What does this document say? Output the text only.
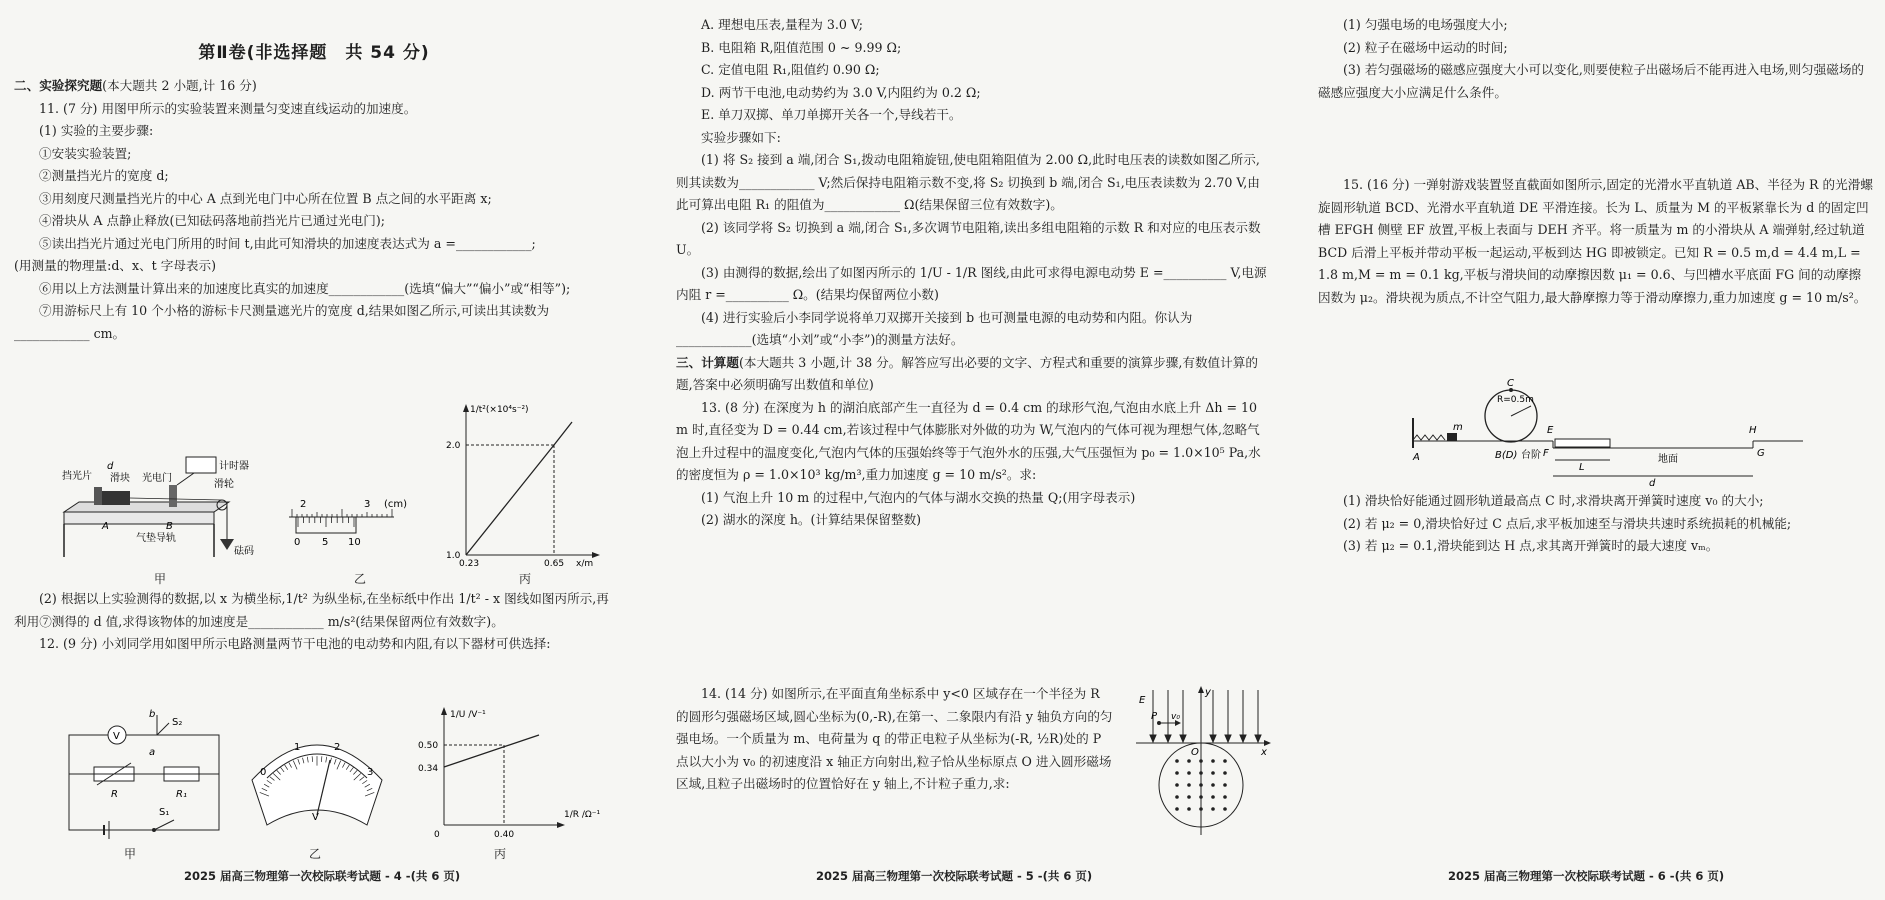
第Ⅱ卷(非选择题　共 54 分)

二、实验探究题(本大题共 2 小题,计 16 分)

11. (7 分) 用图甲所示的实验装置来测量匀变速直线运动的加速度。

(1) 实验的主要步骤:

①安装实验装置;

②测量挡光片的宽度 d;

③用刻度尺测量挡光片的中心 A 点到光电门中心所在位置 B 点之间的水平距离 x;

④滑块从 A 点静止释放(已知砝码落地前挡光片已通过光电门);

⑤读出挡光片通过光电门所用的时间 t,由此可知滑块的加速度表达式为 a =____________;

(用测量的物理量:d、x、t 字母表示)

⑥用以上方法测量计算出来的加速度比真实的加速度____________(选填“偏大”“偏小”或“相等”);

⑦用游标尺上有 10 个小格的游标卡尺测量遮光片的宽度 d,结果如图乙所示,可读出其读数为____________ cm。

挡光片
d
滑块 光电门
计时器
滑轮
A	B
气垫导轨
砝码
甲
2	3 (cm)
0 5 10
乙
1/t²(×10⁴s⁻²)
x/m
2.0
1.0
0.23	0.65
丙

(2) 根据以上实验测得的数据,以 x 为横坐标,1/t² 为纵坐标,在坐标纸中作出 1/t² - x 图线如图丙所示,再利用⑦测得的 d 值,求得该物体的加速度是____________ m/s²(结果保留两位有效数字)。

12. (9 分) 小刘同学用如图甲所示电路测量两节干电池的电动势和内阻,有以下器材可供选择:

V
b
a
S₂
R	R₁
S₁
甲
0
1	2
3
V
乙
1/U /V⁻¹
1/R /Ω⁻¹
0.50
0.34
0.40
0
丙
2025 届高三物理第一次校际联考试题 - 4 -(共 6 页)

A. 理想电压表,量程为 3.0 V;

B. 电阻箱 R,阻值范围 0 ~ 9.99 Ω;

C. 定值电阻 R₁,阻值约 0.90 Ω;

D. 两节干电池,电动势约为 3.0 V,内阻约为 0.2 Ω;

E. 单刀双掷、单刀单掷开关各一个,导线若干。

实验步骤如下:

(1) 将 S₂ 接到 a 端,闭合 S₁,拨动电阻箱旋钮,使电阻箱阻值为 2.00 Ω,此时电压表的读数如图乙所示,则其读数为____________ V;然后保持电阻箱示数不变,将 S₂ 切换到 b 端,闭合 S₁,电压表读数为 2.70 V,由此可算出电阻 R₁ 的阻值为____________ Ω(结果保留三位有效数字)。

(2) 该同学将 S₂ 切换到 a 端,闭合 S₁,多次调节电阻箱,读出多组电阻箱的示数 R 和对应的电压表示数 U。

(3) 由测得的数据,绘出了如图丙所示的 1/U - 1/R 图线,由此可求得电源电动势 E =__________ V,电源内阻 r =__________ Ω。(结果均保留两位小数)

(4) 进行实验后小李同学说将单刀双掷开关接到 b 也可测量电源的电动势和内阻。你认为____________(选填“小刘”或“小李”)的测量方法好。

三、计算题(本大题共 3 小题,计 38 分。解答应写出必要的文字、方程式和重要的演算步骤,有数值计算的题,答案中必须明确写出数值和单位)

13. (8 分) 在深度为 h 的湖泊底部产生一直径为 d = 0.4 cm 的球形气泡,气泡由水底上升 Δh = 10 m 时,直径变为 D = 0.44 cm,若该过程中气体膨胀对外做的功为 W,气泡内的气体可视为理想气体,忽略气泡上升过程中的温度变化,气泡内气体的压强始终等于气泡外水的压强,大气压强恒为 p₀ = 1.0×10⁵ Pa,水的密度恒为 ρ = 1.0×10³ kg/m³,重力加速度 g = 10 m/s²。求:

(1) 气泡上升 10 m 的过程中,气泡内的气体与湖水交换的热量 Q;(用字母表示)

(2) 湖水的深度 h。(计算结果保留整数)

14. (14 分) 如图所示,在平面直角坐标系中 y<0 区域存在一个半径为 R 的圆形匀强磁场区域,圆心坐标为(0,-R),在第一、二象限内有沿 y 轴负方向的匀强电场。一个质量为 m、电荷量为 q 的带正电粒子从坐标为(-R, ½R)处的 P 点以大小为 v₀ 的初速度沿 x 轴正方向射出,粒子恰从坐标原点 O 进入圆形磁场区域,且粒子出磁场时的位置恰好在 y 轴上,不计粒子重力,求:

E
P v₀
y
O	x
2025 届高三物理第一次校际联考试题 - 5 -(共 6 页)

(1) 匀强电场的电场强度大小;

(2) 粒子在磁场中运动的时间;

(3) 若匀强磁场的磁感应强度大小可以变化,则要使粒子出磁场后不能再进入电场,则匀强磁场的磁感应强度大小应满足什么条件。

15. (16 分) 一弹射游戏装置竖直截面如图所示,固定的光滑水平直轨道 AB、半径为 R 的光滑螺旋圆形轨道 BCD、光滑水平直轨道 DE 平滑连接。长为 L、质量为 M 的平板紧靠长为 d 的固定凹槽 EFGH 侧壁 EF 放置,平板上表面与 DEH 齐平。将一质量为 m 的小滑块从 A 端弹射,经过轨道 BCD 后滑上平板并带动平板一起运动,平板到达 HG 即被锁定。已知 R = 0.5 m,d = 4.4 m,L = 1.8 m,M = m = 0.1 kg,平板与滑块间的动摩擦因数 μ₁ = 0.6、与凹槽水平底面 FG 间的动摩擦因数为 μ₂。滑块视为质点,不计空气阻力,最大静摩擦力等于滑动摩擦力,重力加速度 g = 10 m/s²。

m
C
R=0.5m
A	B(D)
E
F
台阶
L
地面
H
G
d

(1) 滑块恰好能通过圆形轨道最高点 C 时,求滑块离开弹簧时速度 v₀ 的大小;

(2) 若 μ₂ = 0,滑块恰好过 C 点后,求平板加速至与滑块共速时系统损耗的机械能;

(3) 若 μ₂ = 0.1,滑块能到达 H 点,求其离开弹簧时的最大速度 vₘ。

2025 届高三物理第一次校际联考试题 - 6 -(共 6 页)
